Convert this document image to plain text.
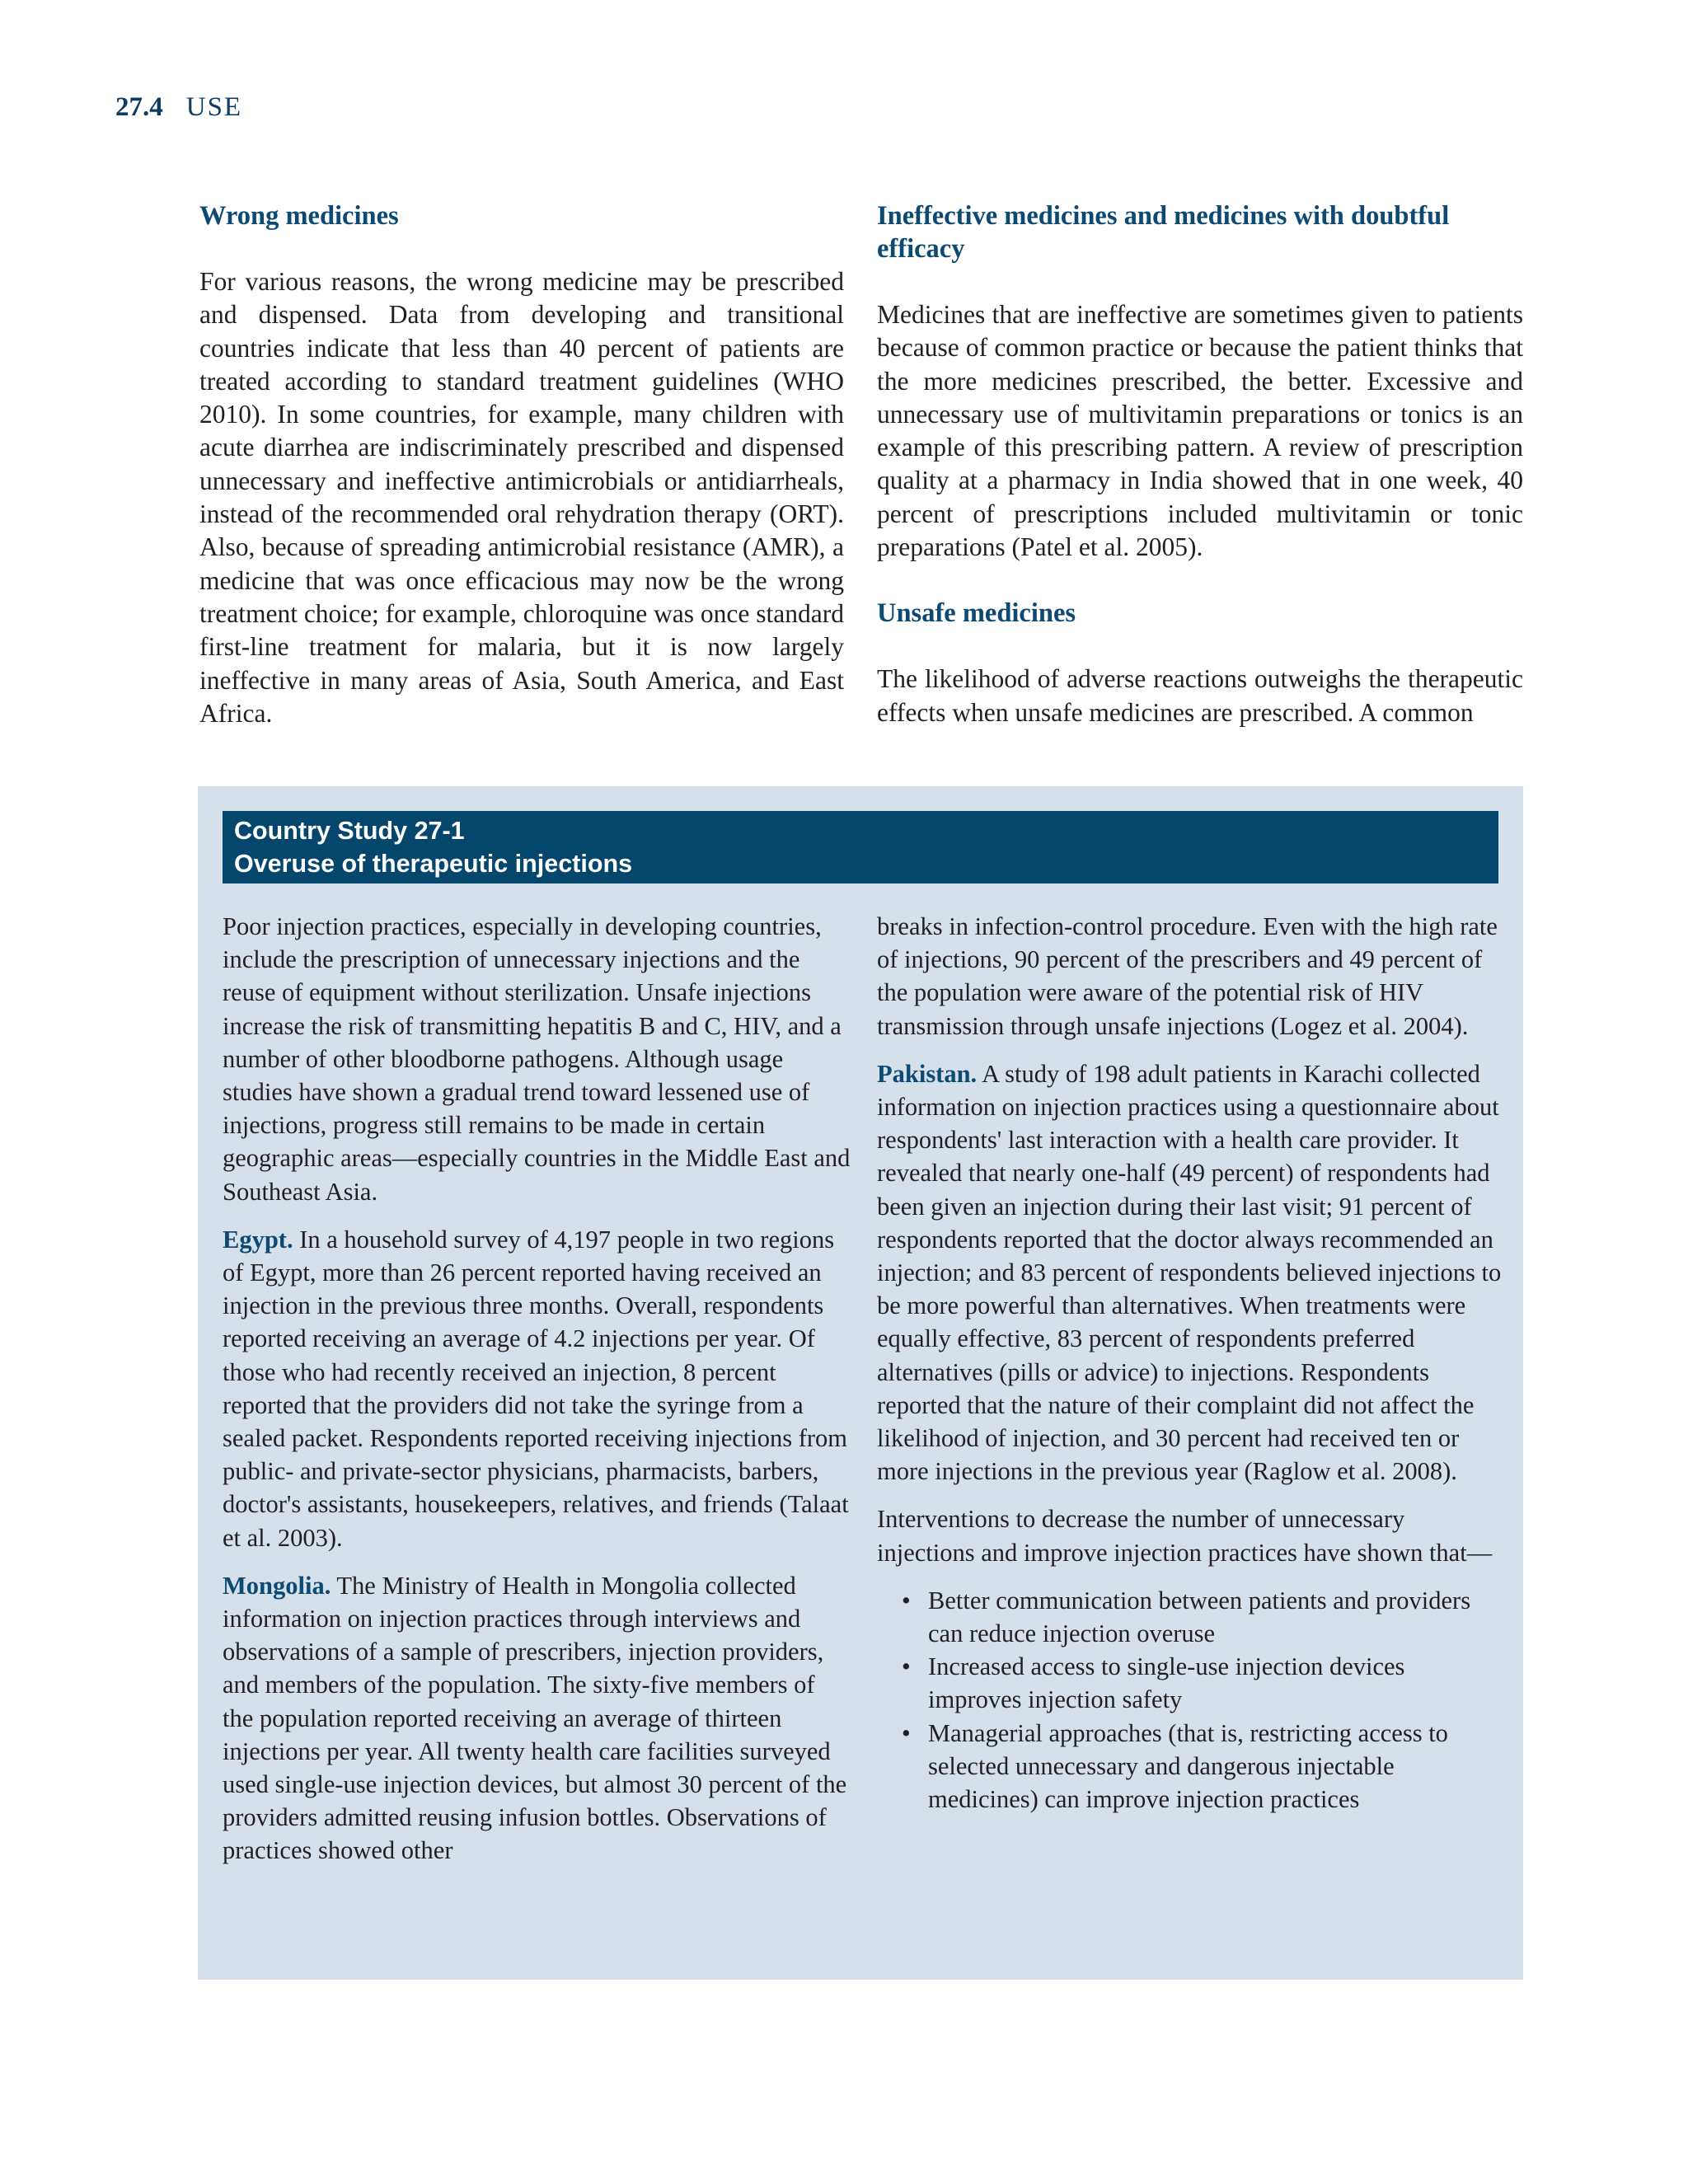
27.4 USE
Wrong medicines

For various reasons, the wrong medicine may be prescribed and dispensed. Data from developing and transitional countries indicate that less than 40 percent of patients are treated according to standard treatment guidelines (WHO 2010). In some countries, for example, many children with acute diarrhea are indiscriminately prescribed and dispensed unnecessary and ineffective antimicrobials or antidiarrheals, instead of the recommended oral rehydration therapy (ORT). Also, because of spreading antimicrobial resistance (AMR), a medicine that was once efficacious may now be the wrong treatment choice; for example, chloroquine was once standard first-line treatment for malaria, but it is now largely ineffective in many areas of Asia, South America, and East Africa.

Ineffective medicines and medicines with doubtful efficacy

Medicines that are ineffective are sometimes given to patients because of common practice or because the patient thinks that the more medicines prescribed, the better. Excessive and unnecessary use of multivitamin preparations or tonics is an example of this prescribing pattern. A review of prescription quality at a pharmacy in India showed that in one week, 40 percent of prescriptions included multivitamin or tonic preparations (Patel et al. 2005).

Unsafe medicines

The likelihood of adverse reactions outweighs the therapeutic effects when unsafe medicines are prescribed. A common

Country Study 27-1
Overuse of therapeutic injections

Poor injection practices, especially in developing countries, include the prescription of unnecessary injections and the reuse of equipment without sterilization. Unsafe injections increase the risk of transmitting hepatitis B and C, HIV, and a number of other bloodborne pathogens. Although usage studies have shown a gradual trend toward lessened use of injections, progress still remains to be made in certain geographic areas—especially countries in the Middle East and Southeast Asia.

Egypt. In a household survey of 4,197 people in two regions of Egypt, more than 26 percent reported having received an injection in the previous three months. Overall, respondents reported receiving an average of 4.2 injections per year. Of those who had recently received an injection, 8 percent reported that the providers did not take the syringe from a sealed packet. Respondents reported receiving injections from public- and private-sector physicians, pharmacists, barbers, doctor's assistants, housekeepers, relatives, and friends (Talaat et al. 2003).

Mongolia. The Ministry of Health in Mongolia collected information on injection practices through interviews and observations of a sample of prescribers, injection providers, and members of the population. The sixty-five members of the population reported receiving an average of thirteen injections per year. All twenty health care facilities surveyed used single-use injection devices, but almost 30 percent of the providers admitted reusing infusion bottles. Observations of practices showed other

breaks in infection-control procedure. Even with the high rate of injections, 90 percent of the prescribers and 49 percent of the population were aware of the potential risk of HIV transmission through unsafe injections (Logez et al. 2004).

Pakistan. A study of 198 adult patients in Karachi collected information on injection practices using a questionnaire about respondents' last interaction with a health care provider. It revealed that nearly one-half (49 percent) of respondents had been given an injection during their last visit; 91 percent of respondents reported that the doctor always recommended an injection; and 83 percent of respondents believed injections to be more powerful than alternatives. When treatments were equally effective, 83 percent of respondents preferred alternatives (pills or advice) to injections. Respondents reported that the nature of their complaint did not affect the likelihood of injection, and 30 percent had received ten or more injections in the previous year (Raglow et al. 2008).

Interventions to decrease the number of unnecessary injections and improve injection practices have shown that—

• Better communication between patients and providers can reduce injection overuse
• Increased access to single-use injection devices improves injection safety
• Managerial approaches (that is, restricting access to selected unnecessary and dangerous injectable medicines) can improve injection practices
